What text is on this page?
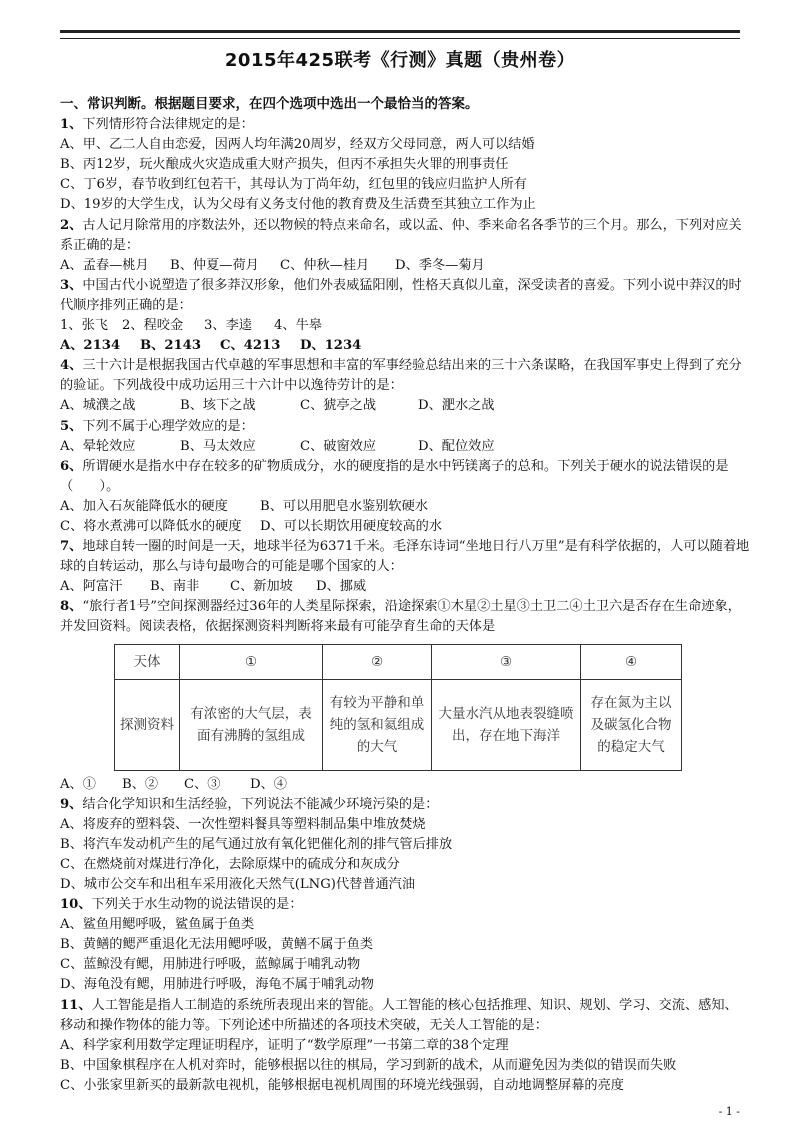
2015年425联考《行测》真题（贵州卷）
一、常识判断。根据题目要求，在四个选项中选出一个最恰当的答案。
1、下列情形符合法律规定的是：
A、甲、乙二人自由恋爱，因两人均年满20周岁，经双方父母同意，两人可以结婚
B、丙12岁，玩火酿成火灾造成重大财产损失，但丙不承担失火罪的刑事责任
C、丁6岁，春节收到红包若干，其母认为丁尚年幼，红包里的钱应归监护人所有
D、19岁的大学生戊，认为父母有义务支付他的教育费及生活费至其独立工作为止
2、古人记月除常用的序数法外，还以物候的特点来命名，或以孟、仲、季来命名各季节的三个月。那么，下列对应关系正确的是：
A、孟春—桃月	B、仲夏—荷月	C、仲秋—桂月	D、季冬—菊月
3、中国古代小说塑造了很多莽汉形象，他们外表威猛阳刚，性格天真似儿童，深受读者的喜爱。下列小说中莽汉的时代顺序排列正确的是：
1、张飞	2、程咬金	3、李逵	4、牛皋
A、2134	B、2143	C、4213	D、1234
4、三十六计是根据我国古代卓越的军事思想和丰富的军事经验总结出来的三十六条谋略，在我国军事史上得到了充分的验证。下列战役中成功运用三十六计中以逸待劳计的是：
A、城濮之战	B、垓下之战	C、猇亭之战	D、淝水之战
5、下列不属于心理学效应的是：
A、晕轮效应	B、马太效应	C、破窗效应	D、配位效应
6、所谓硬水是指水中存在较多的矿物质成分，水的硬度指的是水中钙镁离子的总和。下列关于硬水的说法错误的是（　　）。
A、加入石灰能降低水的硬度	B、可以用肥皂水鉴别软硬水
C、将水煮沸可以降低水的硬度	D、可以长期饮用硬度较高的水
7、地球自转一圈的时间是一天，地球半径为6371千米。毛泽东诗词“坐地日行八万里”是有科学依据的，人可以随着地球的自转运动，那么与诗句最吻合的可能是哪个国家的人：
A、阿富汗	B、南非	C、新加坡	D、挪威
8、“旅行者1号”空间探测器经过36年的人类星际探索，沿途探索①木星②土星③土卫二④土卫六是否存在生命迹象，并发回资料。阅读表格，依据探测资料判断将来最有可能孕育生命的天体是
天体	①	②	③	④
探测资料	有浓密的大气层，表面有沸腾的氢组成	有较为平静和单纯的氢和氦组成的大气	大量水汽从地表裂缝喷出，存在地下海洋	存在氮为主以及碳氢化合物的稳定大气
A、①	B、②	C、③	D、④
9、结合化学知识和生活经验，下列说法不能减少环境污染的是：
A、将废弃的塑料袋、一次性塑料餐具等塑料制品集中堆放焚烧
B、将汽车发动机产生的尾气通过放有氧化钯催化剂的排气管后排放
C、在燃烧前对煤进行净化，去除原煤中的硫成分和灰成分
D、城市公交车和出租车采用液化天然气(LNG)代替普通汽油
10、下列关于水生动物的说法错误的是：
A、鲨鱼用鳃呼吸，鲨鱼属于鱼类
B、黄鳝的鳃严重退化无法用鳃呼吸，黄鳝不属于鱼类
C、蓝鲸没有鳃，用肺进行呼吸，蓝鲸属于哺乳动物
D、海龟没有鳃，用肺进行呼吸，海龟不属于哺乳动物
11、人工智能是指人工制造的系统所表现出来的智能。人工智能的核心包括推理、知识、规划、学习、交流、感知、移动和操作物体的能力等。下列论述中所描述的各项技术突破，无关人工智能的是：
A、科学家利用数学定理证明程序，证明了“数学原理”一书第二章的38个定理
B、中国象棋程序在人机对弈时，能够根据以往的棋局，学习到新的战术，从而避免因为类似的错误而失败
C、小张家里新买的最新款电视机，能够根据电视机周围的环境光线强弱，自动地调整屏幕的亮度
- 1 -
